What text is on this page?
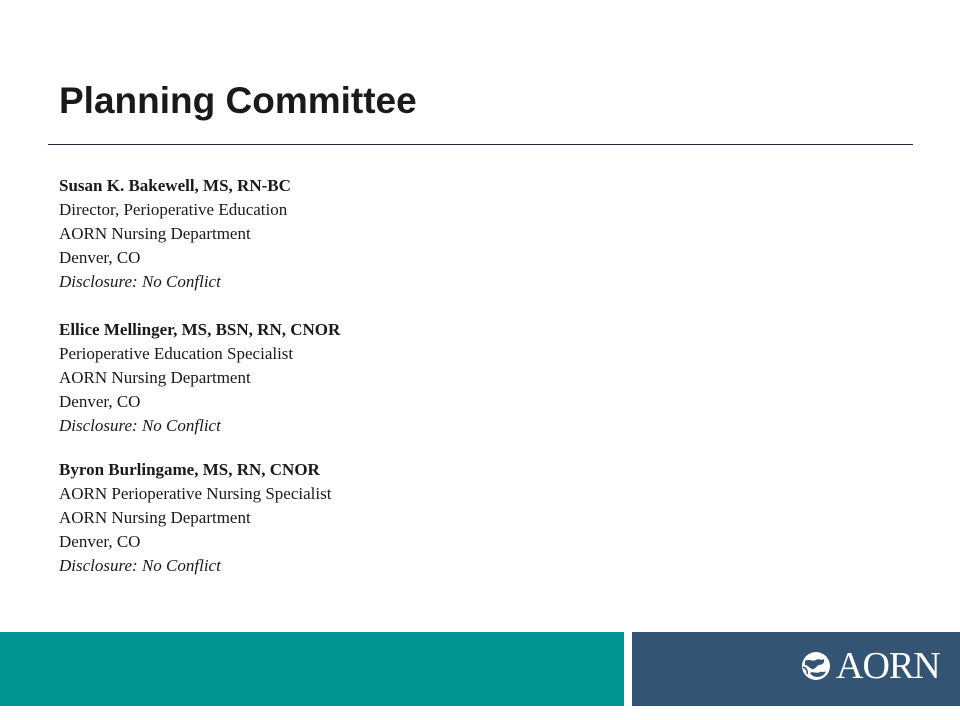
Planning Committee
Susan K. Bakewell, MS, RN-BC
Director, Perioperative Education
AORN Nursing Department
Denver, CO
Disclosure: No Conflict
Ellice Mellinger, MS, BSN, RN, CNOR
Perioperative Education Specialist
AORN Nursing Department
Denver, CO
Disclosure: No Conflict
Byron Burlingame, MS, RN, CNOR
AORN Perioperative Nursing Specialist
AORN Nursing Department
Denver, CO
Disclosure: No Conflict
AORN
